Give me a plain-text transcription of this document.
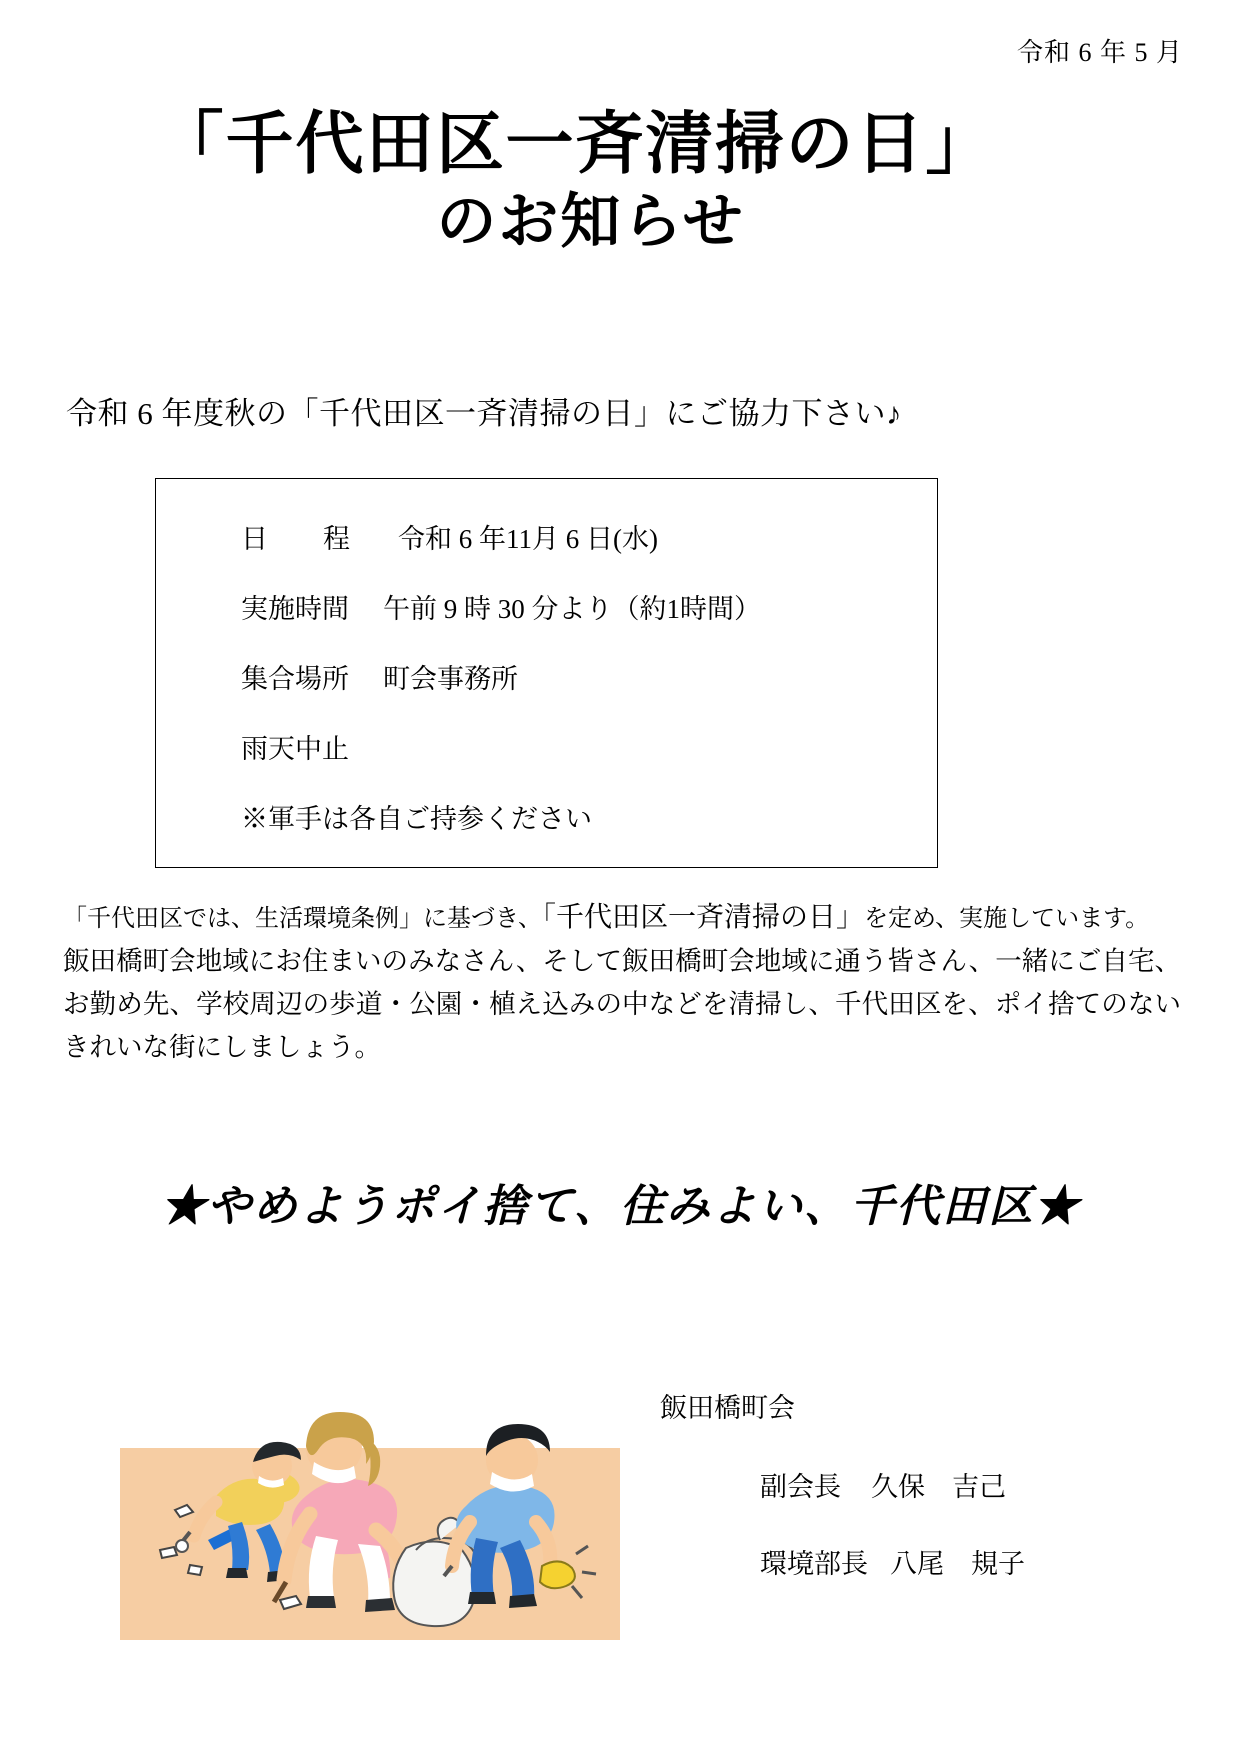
令和 6 年 5 月
「千代田区一斉清掃の日」
のお知らせ
令和 6 年度秋の「千代田区一斉清掃の日」にご協力下さい♪
日　程 令和 6 年11月 6 日(水)
実施時間 午前 9 時 30 分より（約1時間）
集合場所 町会事務所
雨天中止
※軍手は各自ご持参ください

「千代田区では、生活環境条例」に基づき、「千代田区一斉清掃の日」を定め、実施しています。

飯田橋町会地域にお住まいのみなさん、そして飯田橋町会地域に通う皆さん、一緒にご自宅、お勤め先、学校周辺の歩道・公園・植え込みの中などを清掃し、千代田区を、ポイ捨てのないきれいな街にしましょう。

★やめようポイ捨て、住みよい、千代田区★
飯田橋町会
副会長 久保　吉己
環境部長 八尾　規子
